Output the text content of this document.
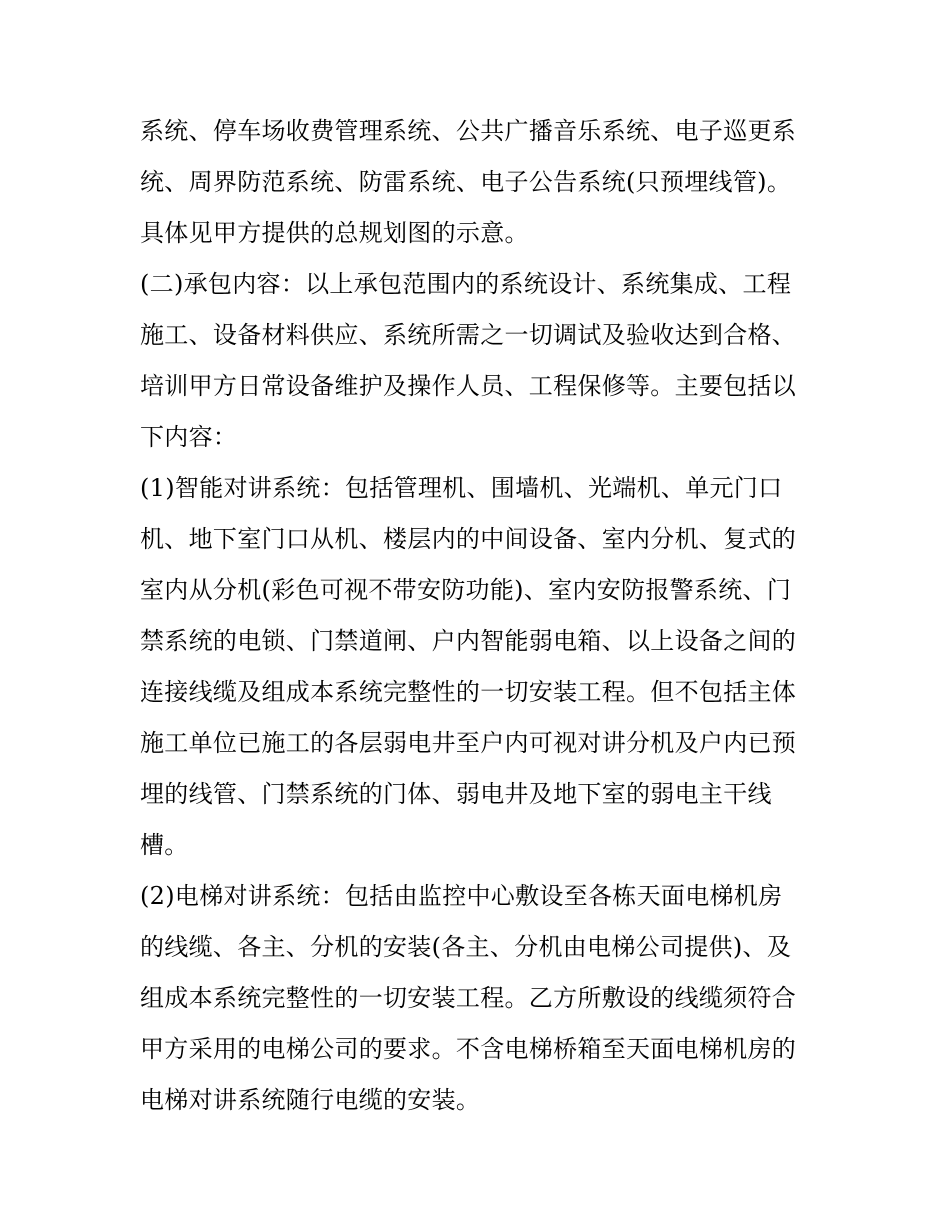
系统、停车场收费管理系统、公共广播音乐系统、电子巡更系
统、周界防范系统、防雷系统、电子公告系统(只预埋线管)。
具体见甲方提供的总规划图的示意。
(二)承包内容：以上承包范围内的系统设计、系统集成、工程
施工、设备材料供应、系统所需之一切调试及验收达到合格、
培训甲方日常设备维护及操作人员、工程保修等。主要包括以
下内容：
(1)智能对讲系统：包括管理机、围墙机、光端机、单元门口
机、地下室门口从机、楼层内的中间设备、室内分机、复式的
室内从分机(彩色可视不带安防功能)、室内安防报警系统、门
禁系统的电锁、门禁道闸、户内智能弱电箱、以上设备之间的
连接线缆及组成本系统完整性的一切安装工程。但不包括主体
施工单位已施工的各层弱电井至户内可视对讲分机及户内已预
埋的线管、门禁系统的门体、弱电井及地下室的弱电主干线
槽。
(2)电梯对讲系统：包括由监控中心敷设至各栋天面电梯机房
的线缆、各主、分机的安装(各主、分机由电梯公司提供)、及
组成本系统完整性的一切安装工程。乙方所敷设的线缆须符合
甲方采用的电梯公司的要求。不含电梯桥箱至天面电梯机房的
电梯对讲系统随行电缆的安装。
